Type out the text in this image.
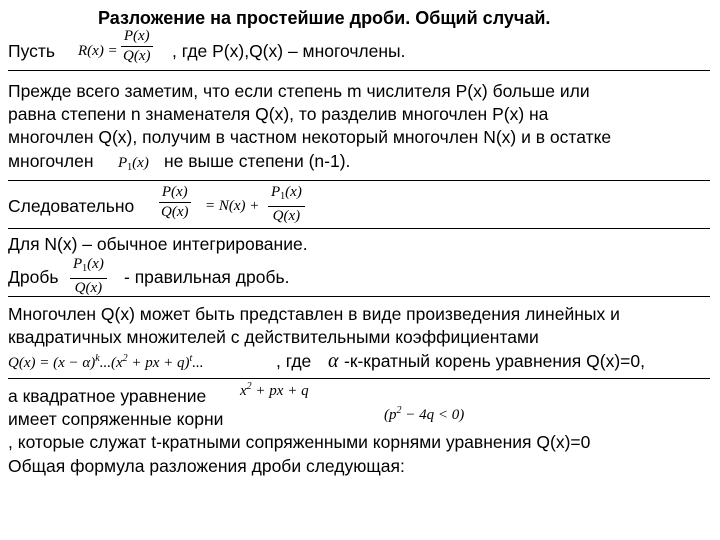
Разложение на простейшие дроби. Общий случай.
Пусть $R(x) = \frac{P(x)}{Q(x)}$ , где P(x),Q(x) – многочлены.
Прежде всего заметим, что если степень m числителя P(x) больше или
равна степени n знаменателя Q(x), то разделив многочлен P(x) на
многочлен Q(x), получим в частном некоторый многочлен N(x) и в остатке
многочлен $P_1(x)$ не выше степени (n-1).
Следовательно $\frac{P(x)}{Q(x)} = N(x) + \frac{P_1(x)}{Q(x)}$
Для N(x) – обычное интегрирование.
Дробь $\frac{P_1(x)}{Q(x)}$ - правильная дробь.
Многочлен Q(x) может быть представлен в виде произведения линейных и
квадратичных множителей с действительными коэффициентами
$Q(x) = (x - \alpha)^k...(x^2$ + px + q)$^t$...	, где α -к-кратный корень уравнения Q(x)=0,
а квадратное уравнение $x^2$ + px + q
имеет сопряженные корни	$(p^2 - 4q < 0)$
, которые служат t-кратными сопряженными корнями уравнения Q(x)=0
Общая формула разложения дроби следующая:
